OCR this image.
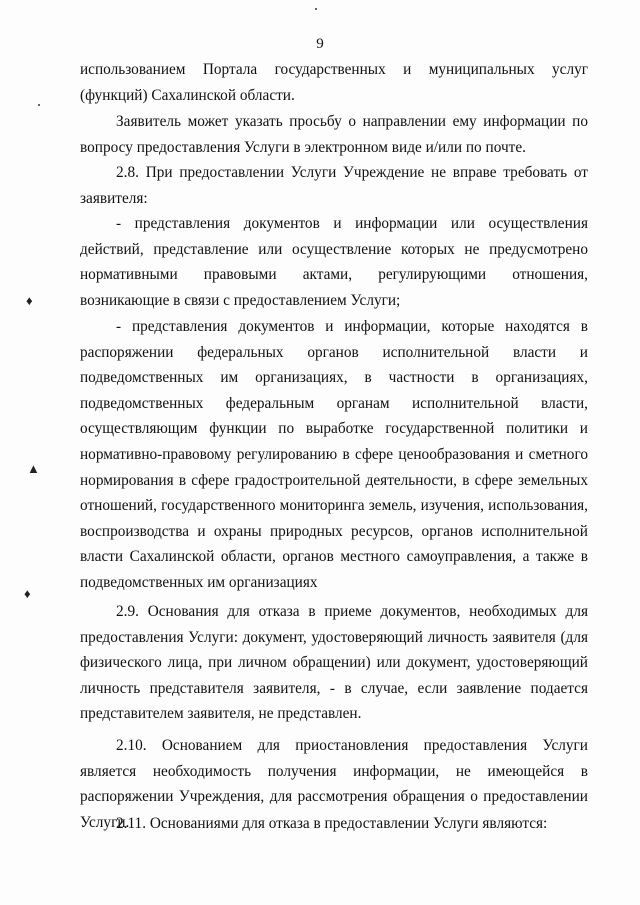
9
использованием Портала государственных и муниципальных услуг (функций) Сахалинской области.
Заявитель может указать просьбу о направлении ему информации по вопросу предоставления Услуги в электронном виде и/или по почте.
2.8. При предоставлении Услуги Учреждение не вправе требовать от заявителя:
- представления документов и информации или осуществления действий, представление или осуществление которых не предусмотрено нормативными правовыми актами, регулирующими отношения, возникающие в связи с предоставлением Услуги;
- представления документов и информации, которые находятся в распоряжении федеральных органов исполнительной власти и подведомственных им организациях, в частности в организациях, подведомственных федеральным органам исполнительной власти, осуществляющим функции по выработке государственной политики и нормативно-правовому регулированию в сфере ценообразования и сметного нормирования в сфере градостроительной деятельности, в сфере земельных отношений, государственного мониторинга земель, изучения, использования, воспроизводства и охраны природных ресурсов, органов исполнительной власти Сахалинской области, органов местного самоуправления, а также в подведомственных им организациях
2.9. Основания для отказа в приеме документов, необходимых для предоставления Услуги: документ, удостоверяющий личность заявителя (для физического лица, при личном обращении) или документ, удостоверяющий личность представителя заявителя, - в случае, если заявление подается представителем заявителя, не представлен.
2.10. Основанием для приостановления предоставления Услуги является необходимость получения информации, не имеющейся в распоряжении Учреждения, для рассмотрения обращения о предоставлении Услуги.
2.11. Основаниями для отказа в предоставлении Услуги являются:
♦
▲
♦
